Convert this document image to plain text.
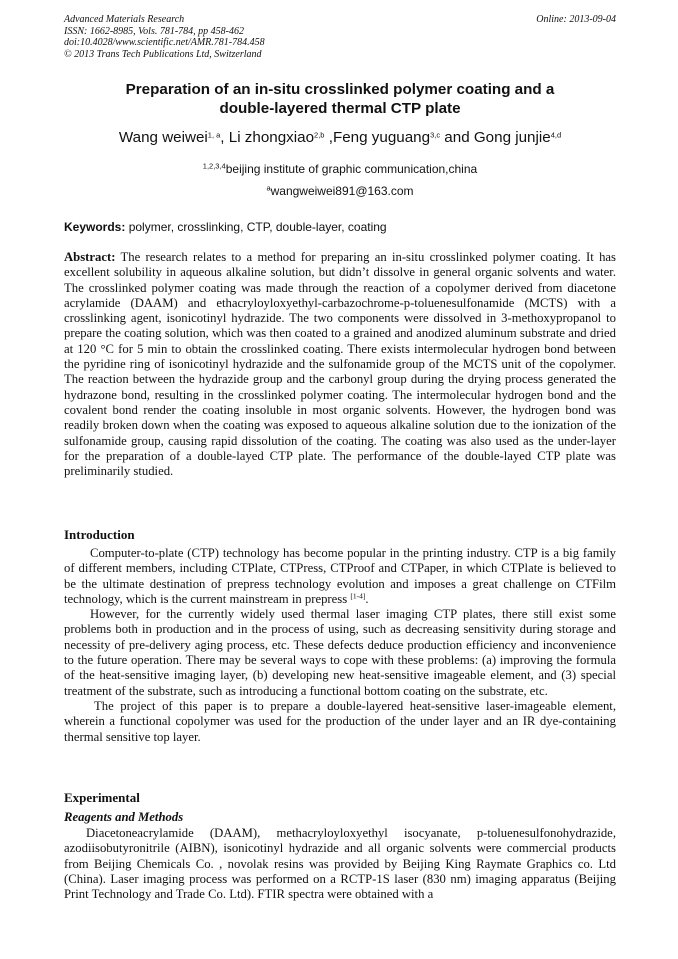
Advanced Materials Research
ISSN: 1662-8985, Vols. 781-784, pp 458-462
doi:10.4028/www.scientific.net/AMR.781-784.458
© 2013 Trans Tech Publications Ltd, Switzerland
Online: 2013-09-04
Preparation of an in-situ crosslinked polymer coating and a
double-layered thermal CTP plate
Wang weiwei$^{1, a}$, Li zhongxiao$^{2,b}$ ,Feng yuguang$^{3,c}$ and Gong junjie$^{4,d}$
$^{1,2,3,4}$beijing institute of graphic communication,china
$^a$wangweiwei891@163.com
Keywords: polymer, crosslinking, CTP, double-layer, coating
Abstract: The research relates to a method for preparing an in-situ crosslinked polymer coating. It has excellent solubility in aqueous alkaline solution, but didn’t dissolve in general organic solvents and water. The crosslinked polymer coating was made through the reaction of a copolymer derived from diacetone acrylamide (DAAM) and ethacryloyloxyethyl-carbazochrome-p-toluenesulfonamide (MCTS) with a crosslinking agent, isonicotinyl hydrazide. The two components were dissolved in 3-methoxypropanol to prepare the coating solution, which was then coated to a grained and anodized aluminum substrate and dried at 120 °C for 5 min to obtain the crosslinked coating. There exists intermolecular hydrogen bond between the pyridine ring of isonicotinyl hydrazide and the sulfonamide group of the MCTS unit of the copolymer. The reaction between the hydrazide group and the carbonyl group during the drying process generated the hydrazone bond, resulting in the crosslinked polymer coating. The intermolecular hydrogen bond and the covalent bond render the coating insoluble in most organic solvents. However, the hydrogen bond was readily broken down when the coating was exposed to aqueous alkaline solution due to the ionization of the sulfonamide group, causing rapid dissolution of the coating. The coating was also used as the under-layer for the preparation of a double-layed CTP plate. The performance of the double-layed CTP plate was preliminarily studied.
Introduction

Computer-to-plate (CTP) technology has become popular in the printing industry. CTP is a big family of different members, including CTPlate, CTPress, CTProof and CTPaper, in which CTPlate is believed to be the ultimate destination of prepress technology evolution and imposes a great challenge on CTFilm technology, which is the current mainstream in prepress [1-4].

However, for the currently widely used thermal laser imaging CTP plates, there still exist some problems both in production and in the process of using, such as decreasing sensitivity during storage and necessity of pre-delivery aging process, etc. These defects deduce production efficiency and inconvenience to the future operation. There may be several ways to cope with these problems: (a) improving the formula of the heat-sensitive imaging layer, (b) developing new heat-sensitive imageable element, and (3) special treatment of the substrate, such as introducing a functional bottom coating on the substrate, etc.

The project of this paper is to prepare a double-layered heat-sensitive laser-imageable element, wherein a functional copolymer was used for the production of the under layer and an IR dye-containing thermal sensitive top layer.

Experimental
Reagents and Methods

Diacetoneacrylamide (DAAM), methacryloyloxyethyl isocyanate, p-toluenesulfonohydrazide, azodiisobutyronitrile (AIBN), isonicotinyl hydrazide and all organic solvents were commercial products from Beijing Chemicals Co. , novolak resins was provided by Beijing King Raymate Graphics co. Ltd (China). Laser imaging process was performed on a RCTP-1S laser (830 nm) imaging apparatus (Beijing Print Technology and Trade Co. Ltd). FTIR spectra were obtained with a
